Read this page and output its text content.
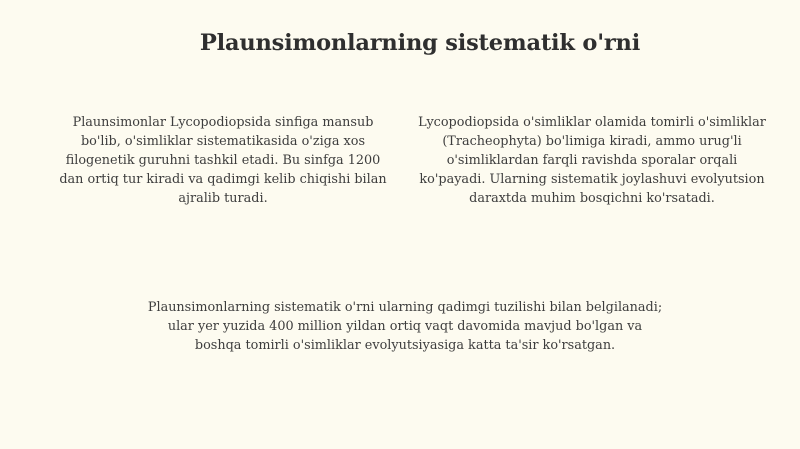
Plaunsimonlarning sistematik o'rni
Plaunsimonlar Lycopodiopsida sinfiga mansub bo'lib, o'simliklar sistematikasida o'ziga xos filogenetik guruhni tashkil etadi. Bu sinfga 1200 dan ortiq tur kiradi va qadimgi kelib chiqishi bilan ajralib turadi.
Lycopodiopsida o'simliklar olamida tomirli o'simliklar (Tracheophyta) bo'limiga kiradi, ammo urug'li o'simliklardan farqli ravishda sporalar orqali ko'payadi. Ularning sistematik joylashuvi evolyutsion daraxtda muhim bosqichni ko'rsatadi.
Plaunsimonlarning sistematik o'rni ularning qadimgi tuzilishi bilan belgilanadi; ular yer yuzida 400 million yildan ortiq vaqt davomida mavjud bo'lgan va boshqa tomirli o'simliklar evolyutsiyasiga katta ta'sir ko'rsatgan.
